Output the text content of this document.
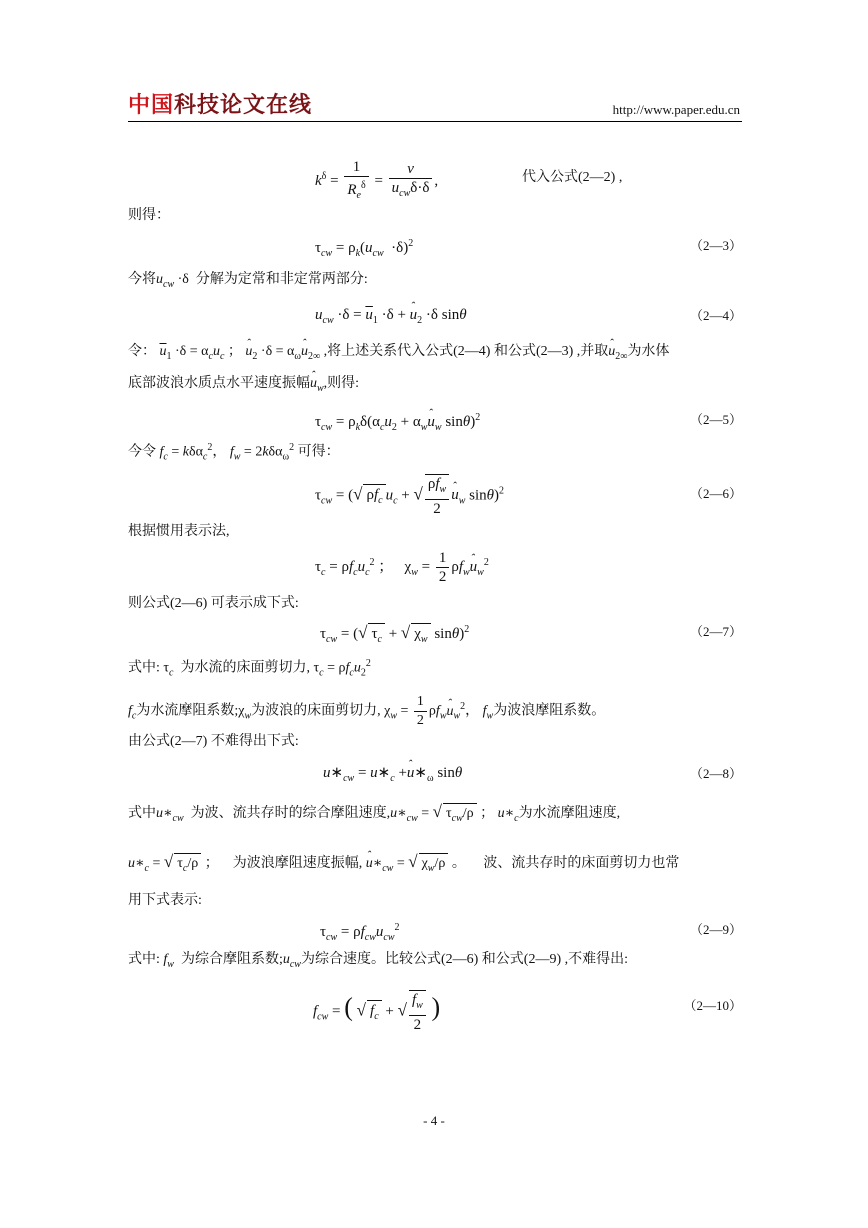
中国科技论文在线	http://www.paper.edu.cn
$k^\delta = \frac{1}{R_e^\delta} = \frac{v}{u_{cw}\delta\cdot\delta}$ ,	代入公式(2—2) ,
则得：
$\tau_{cw} = \rho_k(u_{cw} \cdot\delta)^2$	（2—3）
今将$u_{cw} \cdot\delta$  分解为定常和非定常两部分:
$u_{cw} \cdot\delta = \overline{u}_1 \cdot\delta$ + ˆ $u_2 \cdot\delta$ sinθ	（2—4）
令： $\overline{u}_1 \cdot\delta = \alpha_cu_c$ ； ˆ $u_2 \cdot\delta$ = $\alpha_\omega ˆ$ $u_{2\infty}$ ,将上述关系代入公式(2—4) 和公式(2—3) ,并取ˆ $u_{2\infty}$为水体
底部波浪水质点水平速度振幅ˆ $u_w$,则得:
$\tau_{cw} = \rho_k\delta(\alpha_cu_2$ + $\alpha_wˆ$ $u_w$ sinθ)$^2$	（2—5）
今令 $f_c = k\delta\alpha_c^2$， $f_w = 2k\delta\alpha_\omega^2$ 可得：
$\tau_{cw}$ = (√ $\rho f_c$ $u_c$ + √ $\frac{\rho f_w}{2}$ ˆ $u_w$ sinθ)$^2$	（2—6）
根据惯用表示法,
$\tau_c = \rho f_cu_c^2$ ；   $\chi_w = \frac{1}{2}$ $\rho f_wˆ$ $u_w^2$
则公式(2—6) 可表示成下式:
$\tau_{cw}$ = (√ $\tau_c$ + √ $\chi_w$ sinθ)$^2$	（2—7）
式中: $\tau_c$ 为水流的床面剪切力, $\tau_c = \rho f_cu_2^2$
$f_c$为水流摩阻系数$;\chi_w$为波浪的床面剪切力, $\chi_w = \frac{1}{2}$ $\rho f_wˆ$ $u_w^2$， $f_w$为波浪摩阻系数。
由公式(2—7) 不难得出下式:
$u∗_{cw}$ = $u∗_c$ +ˆ $u∗_\omega$ sinθ	（2—8）
式中$u∗_{cw}$ 为波、流共存时的综合摩阻速度$,u∗_{cw}$ = √ $\tau_{cw}/\rho$ ； $u∗_c$为水流摩阻速度,
$u∗_c$ = √ $\tau_c/\rho$ ；    为波浪摩阻速度振幅, ˆ $u∗_{cw}$ = √ $\chi_w/\rho$ 。     波、流共存时的床面剪切力也常
用下式表示:
$\tau_{cw} = \rho f_{cw}u_{cw}^2$	（2—9）
式中: $f_w$ 为综合摩阻系数$;u_{cw}$为综合速度。比较公式(2—6) 和公式(2—9) ,不难得出:
$f_{cw}$ = ( √ $f_c$ + √ $\frac{f_w}{2}$ )	（2—10）
- 4 -
